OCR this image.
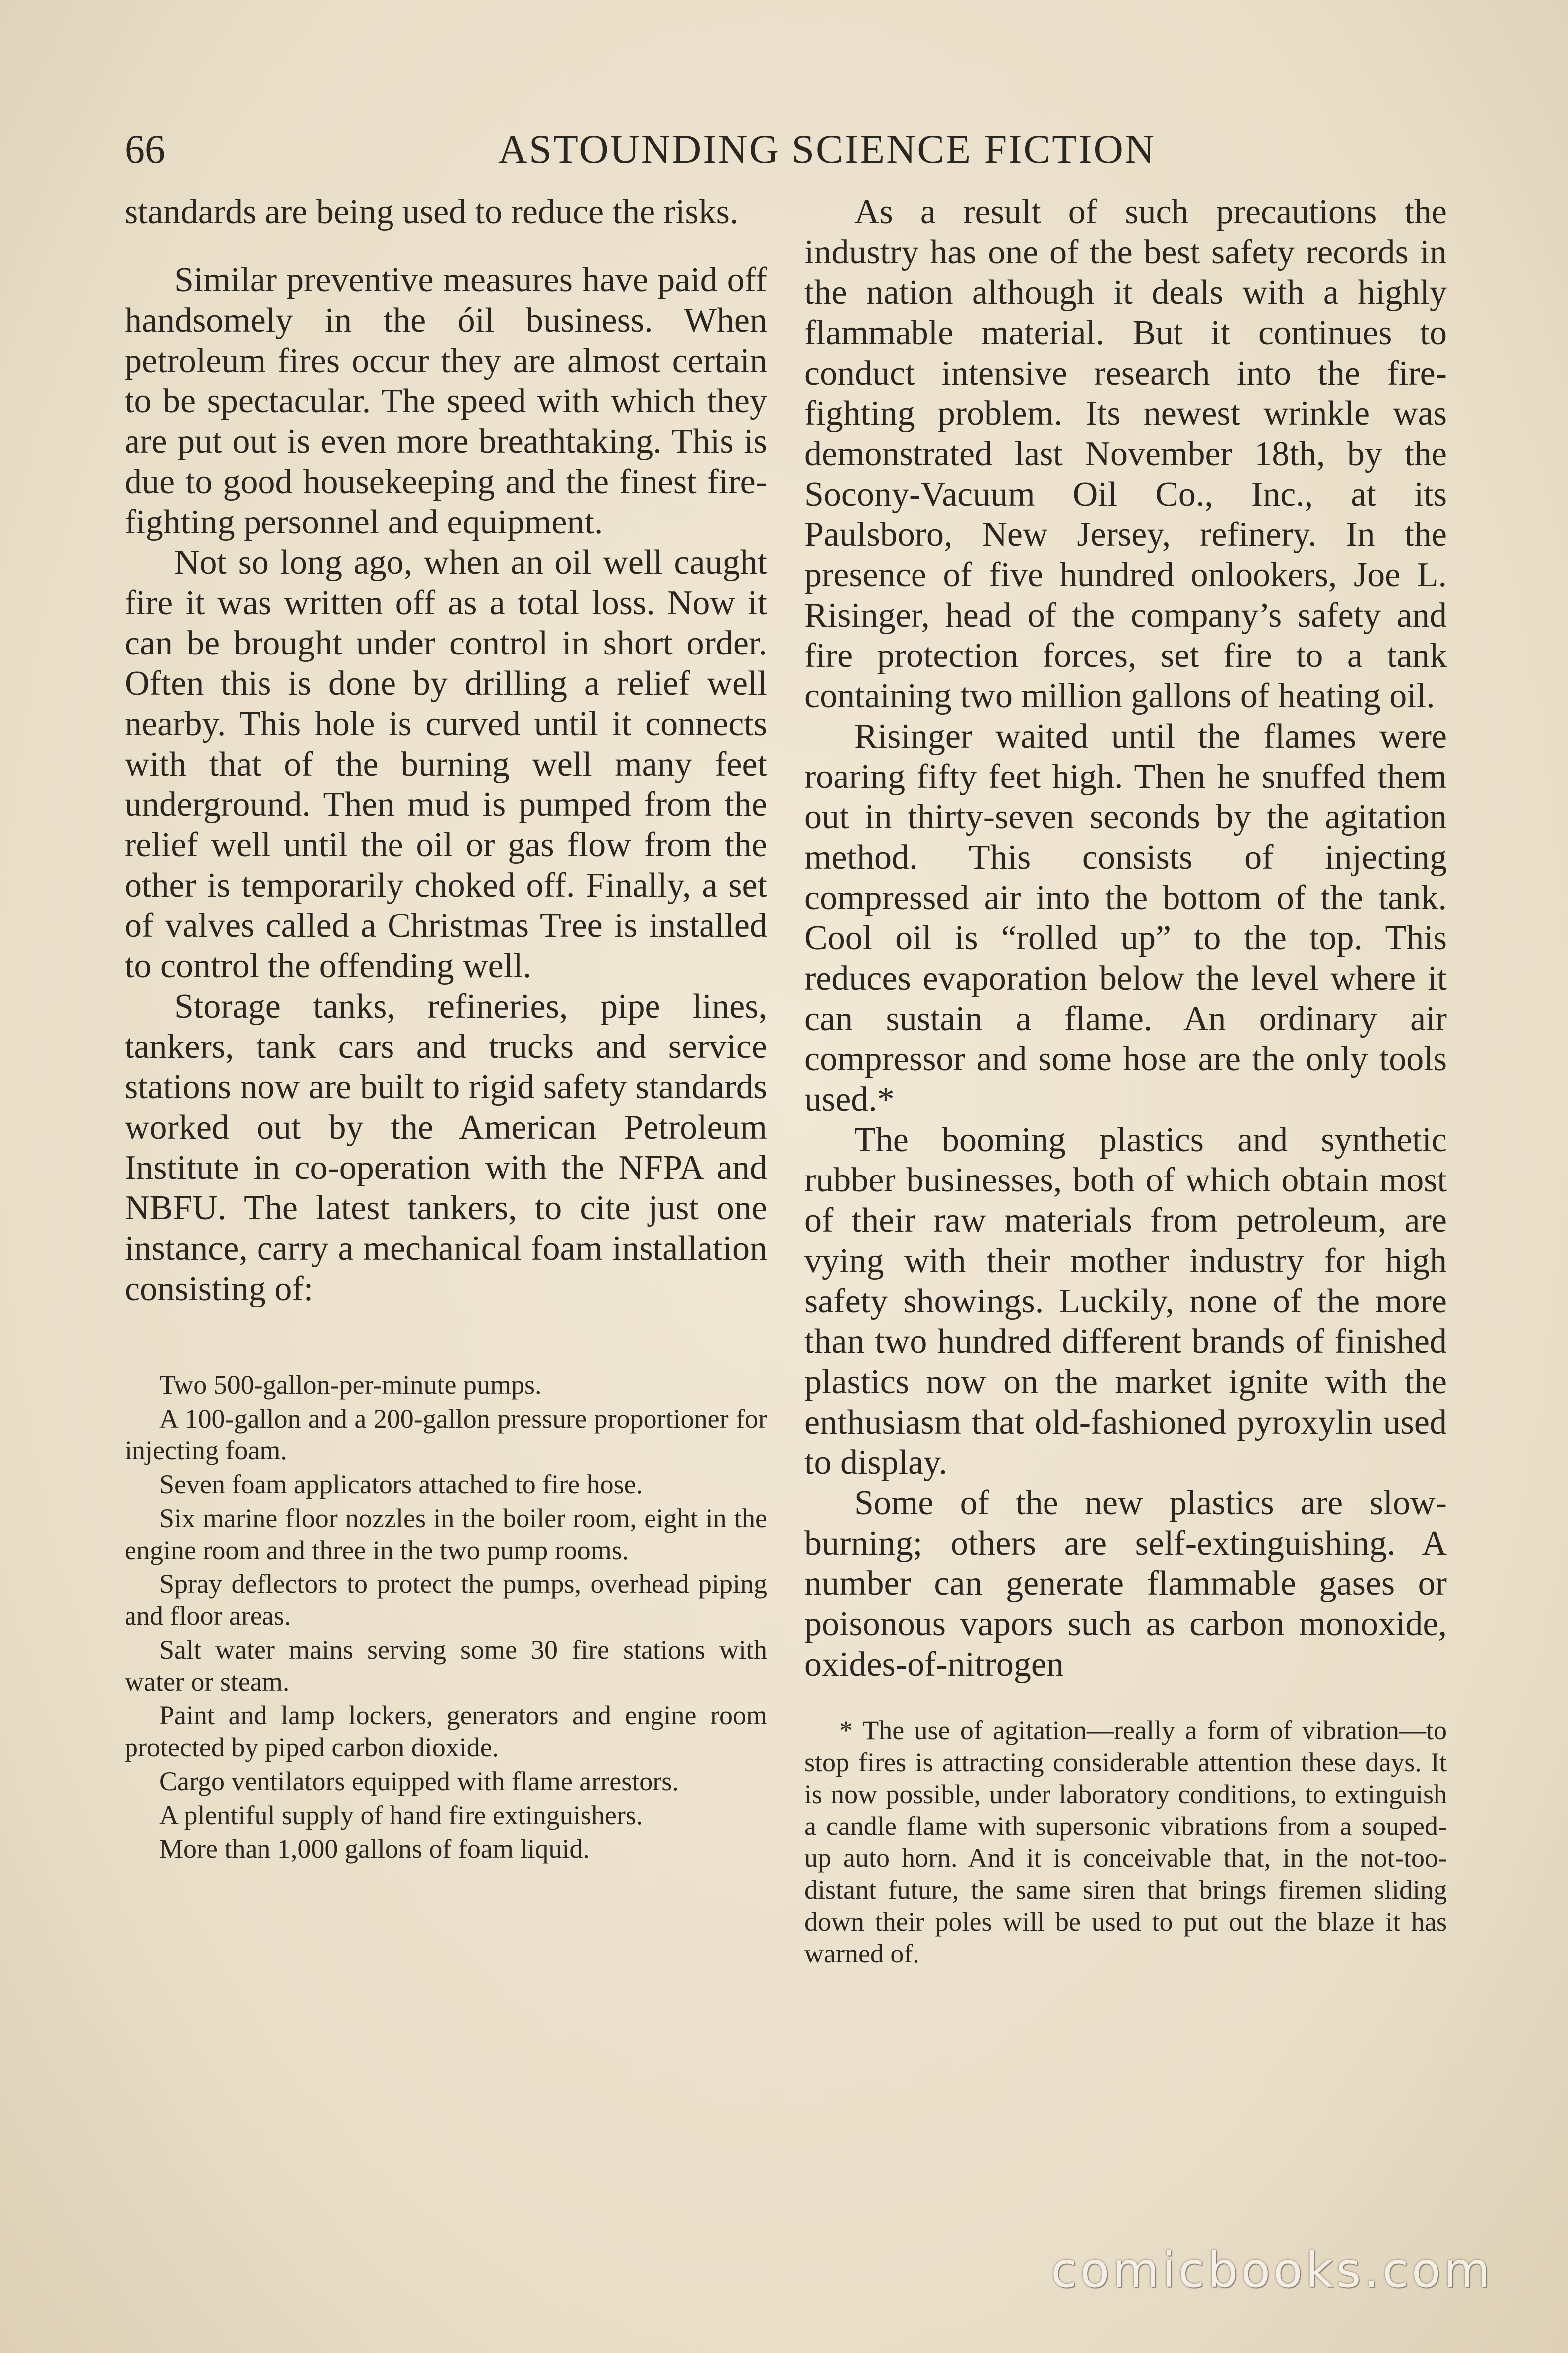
66	ASTOUNDING SCIENCE FICTION

standards are being used to reduce the risks.

Similar preventive measures have paid off handsomely in the óil business. When petroleum fires occur they are almost certain to be spectacular. The speed with which they are put out is even more breathtaking. This is due to good housekeeping and the finest fire-fighting personnel and equipment.

Not so long ago, when an oil well caught fire it was written off as a total loss. Now it can be brought under control in short order. Often this is done by drilling a relief well nearby. This hole is curved until it connects with that of the burning well many feet underground. Then mud is pumped from the relief well until the oil or gas flow from the other is temporarily choked off. Finally, a set of valves called a Christmas Tree is installed to control the offending well.

Storage tanks, refineries, pipe lines, tankers, tank cars and trucks and service stations now are built to rigid safety standards worked out by the American Petroleum Institute in co-operation with the NFPA and NBFU. The latest tankers, to cite just one instance, carry a mechanical foam installation consisting of:

Two 500-gallon-per-minute pumps.

A 100-gallon and a 200-gallon pressure proportioner for injecting foam.

Seven foam applicators attached to fire hose.

Six marine floor nozzles in the boiler room, eight in the engine room and three in the two pump rooms.

Spray deflectors to protect the pumps, overhead piping and floor areas.

Salt water mains serving some 30 fire stations with water or steam.

Paint and lamp lockers, generators and engine room protected by piped carbon dioxide.

Cargo ventilators equipped with flame arrestors.

A plentiful supply of hand fire extinguishers.

More than 1,000 gallons of foam liquid.

As a result of such precautions the industry has one of the best safety records in the nation although it deals with a highly flammable material. But it continues to conduct intensive research into the fire-fighting problem. Its newest wrinkle was demonstrated last November 18th, by the Socony-Vacuum Oil Co., Inc., at its Paulsboro, New Jersey, refinery. In the presence of five hundred onlookers, Joe L. Risinger, head of the company’s safety and fire protection forces, set fire to a tank containing two million gallons of heating oil.

Risinger waited until the flames were roaring fifty feet high. Then he snuffed them out in thirty-seven seconds by the agitation method. This consists of injecting compressed air into the bottom of the tank. Cool oil is “rolled up” to the top. This reduces evaporation below the level where it can sustain a flame. An ordinary air compressor and some hose are the only tools used.*

The booming plastics and synthetic rubber businesses, both of which obtain most of their raw materials from petroleum, are vying with their mother industry for high safety showings. Luckily, none of the more than two hundred different brands of finished plastics now on the market ignite with the enthusiasm that old-fashioned pyroxylin used to display.

Some of the new plastics are slow-burning; others are self-extinguishing. A number can generate flammable gases or poisonous vapors such as carbon monoxide, oxides-of-nitrogen

* The use of agitation—really a form of vibration—to stop fires is attracting considerable attention these days. It is now possible, under laboratory conditions, to extinguish a candle flame with supersonic vibrations from a souped-up auto horn. And it is conceivable that, in the not-too-distant future, the same siren that brings firemen sliding down their poles will be used to put out the blaze it has warned of.

comicbooks.com
